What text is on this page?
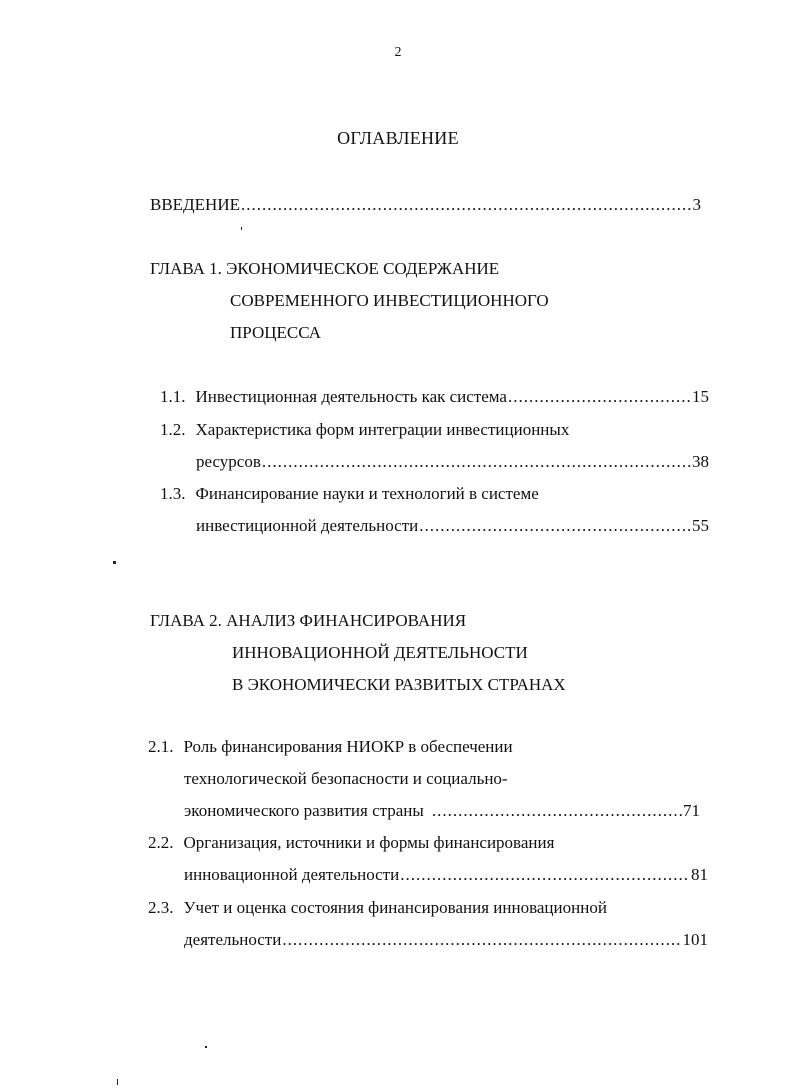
2
ОГЛАВЛЕНИЕ
ВВЕДЕНИЕ .....	3
ГЛАВА 1. ЭКОНОМИЧЕСКОЕ СОДЕРЖАНИЕ
СОВРЕМЕННОГО ИНВЕСТИЦИОННОГО
ПРОЦЕССА
1.1. Инвестиционная деятельность как система .....	15
1.2. Характеристика форм интеграции инвестиционных
ресурсов .....	38
1.3. Финансирование науки и технологий в системе
инвестиционной деятельности .....	55
ГЛАВА 2. АНАЛИЗ ФИНАНСИРОВАНИЯ
ИННОВАЦИОННОЙ ДЕЯТЕЛЬНОСТИ
В ЭКОНОМИЧЕСКИ РАЗВИТЫХ СТРАНАХ
2.1. Роль финансирования НИОКР в обеспечении
технологической безопасности и социально-
экономического развития страны .....	71
2.2. Организация, источники и формы финансирования
инновационной деятельности .....	81
2.3. Учет и оценка состояния финансирования инновационной
деятельности .....	101
